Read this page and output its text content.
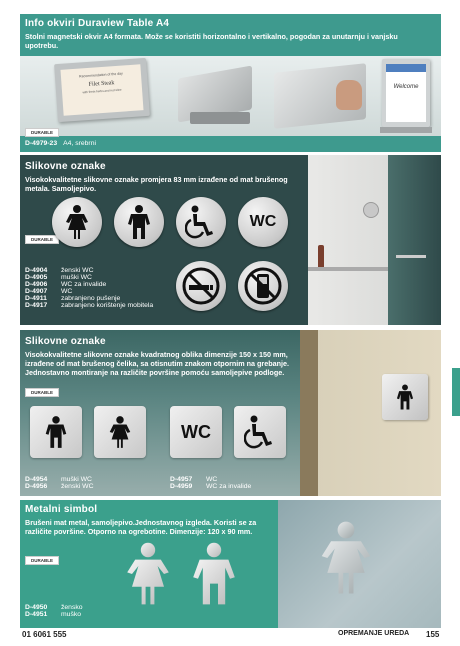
Info okviri Duraview Table A4
Stolni magnetski okvir A4 formata. Može se koristiti horizontalno i vertikalno, pogodan za unutarnju i vanjsku upotrebu.
Recommendation of the day
Filet Steak
with fresh herbs and red wine
Welcome
DURABLE
D-4979-23 A4, srebrni
Slikovne oznake
Visokokvalitetne slikovne oznake promjera 83 mm izrađene od mat brušenog metala. Samoljepivo.
DURABLE
WC
D-4904	ženski WC
D-4905	muški WC
D-4906	WC za invalide
D-4907	WC
D-4911	zabranjeno pušenje
D-4917	zabranjeno korištenje mobitela
Slikovne oznake
Visokokvalitetne slikovne oznake kvadratnog oblika dimenzije 150 x 150 mm, izrađene od mat brušenog čelika, sa otisnutim znakom otpornim na grebanje. Jednostavno montiranje na različite površine pomoću samoljepive podloge.
DURABLE
WC
D-4954	muški WC
D-4956	ženski WC
D-4957	WC
D-4959	WC za invalide
Metalni simbol
Brušeni mat metal, samoljepivo.Jednostavnog izgleda. Koristi se za različite površine. Otporno na ogrebotine. Dimenzije: 120 x 90 mm.
DURABLE
D-4950	žensko
D-4951	muško
01 6061 555	OPREMANJE UREDA 155
